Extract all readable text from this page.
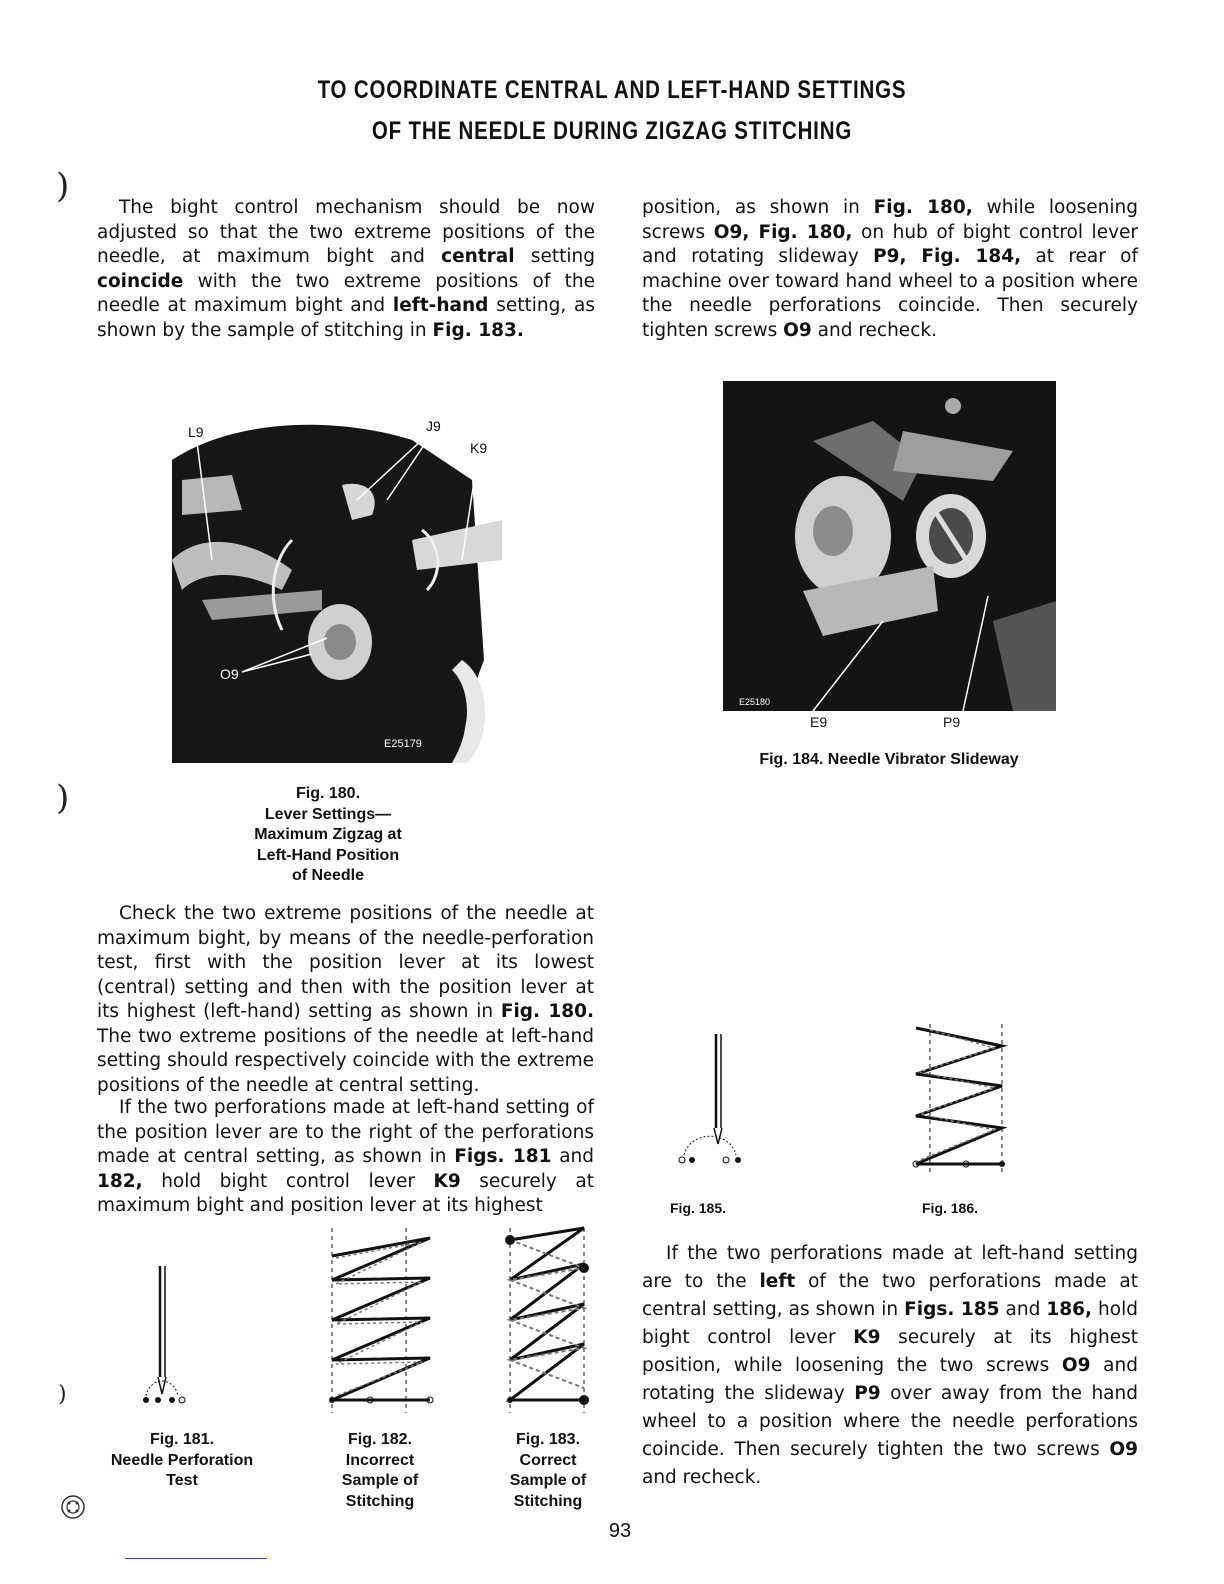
TO COORDINATE CENTRAL AND LEFT-HAND SETTINGS
OF THE NEEDLE DURING ZIGZAG STITCHING
)
)
)
The bight control mechanism should be now adjusted so that the two extreme positions of the needle, at maximum bight and central setting coincide with the two extreme positions of the needle at maximum bight and left-hand setting, as shown by the sample of stitching in Fig. 183.
position, as shown in Fig. 180, while loosening screws O9, Fig. 180, on hub of bight control lever and rotating slideway P9, Fig. 184, at rear of machine over toward hand wheel to a position where the needle perforations coincide. Then securely tighten screws O9 and recheck.
L9	J9
K9
O9
E25179
Fig. 180.
Lever Settings—
Maximum Zigzag at
Left-Hand Position
of Needle
E25180
E9	P9
Fig. 184. Needle Vibrator Slideway
Check the two extreme positions of the needle at maximum bight, by means of the needle-perforation test, first with the position lever at its lowest (central) setting and then with the position lever at its highest (left-hand) setting as shown in Fig. 180. The two extreme positions of the needle at left-hand setting should respectively coincide with the extreme positions of the needle at central setting.
If the two perforations made at left-hand setting of the position lever are to the right of the perforations made at central setting, as shown in Figs. 181 and 182, hold bight control lever K9 securely at maximum bight and position lever at its highest
Fig. 181.
Needle Perforation
Test
Fig. 182.
Incorrect
Sample of
Stitching
Fig. 183.
Correct
Sample of
Stitching
Fig. 185.	Fig. 186.
If the two perforations made at left-hand setting are to the left of the two perforations made at central setting, as shown in Figs. 185 and 186, hold bight control lever K9 securely at its highest position, while loosening the two screws O9 and rotating the slideway P9 over away from the hand wheel to a position where the needle perforations coincide. Then securely tighten the two screws O9 and recheck.
93
